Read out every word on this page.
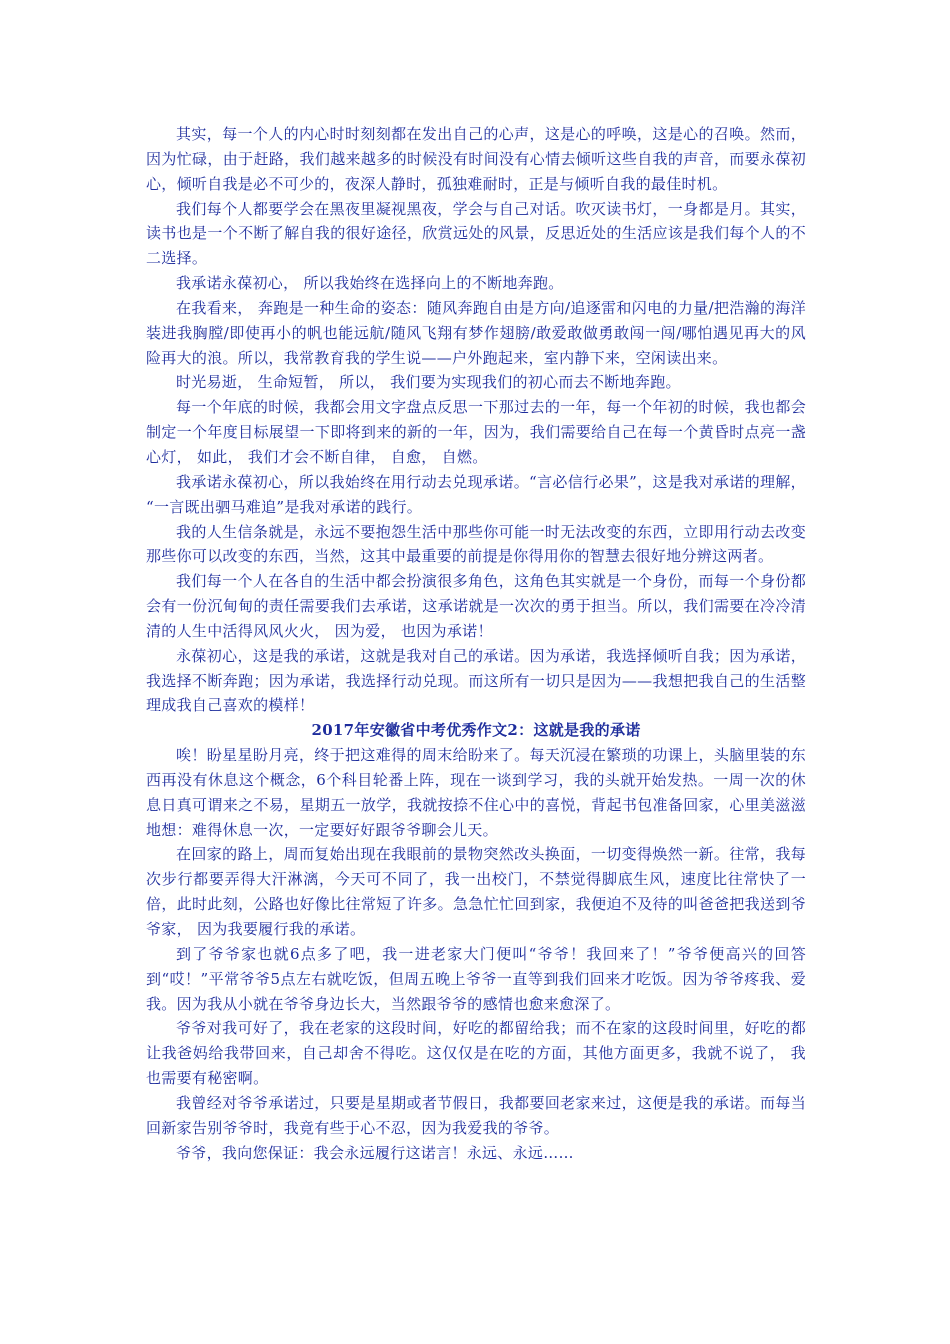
其实，每一个人的内心时时刻刻都在发出自己的心声，这是心的呼唤，这是心的召唤。然而，因为忙碌，由于赶路，我们越来越多的时候没有时间没有心情去倾听这些自我的声音，而要永葆初心，倾听自我是必不可少的，夜深人静时，孤独难耐时，正是与倾听自我的最佳时机。

我们每个人都要学会在黑夜里凝视黑夜，学会与自己对话。吹灭读书灯，一身都是月。其实，读书也是一个不断了解自我的很好途径，欣赏远处的风景，反思近处的生活应该是我们每个人的不二选择。

我承诺永葆初心， 所以我始终在选择向上的不断地奔跑。

在我看来， 奔跑是一种生命的姿态：随风奔跑自由是方向/追逐雷和闪电的力量/把浩瀚的海洋装进我胸膛/即使再小的帆也能远航/随风飞翔有梦作翅膀/敢爱敢做勇敢闯一闯/哪怕遇见再大的风险再大的浪。所以，我常教育我的学生说——户外跑起来，室内静下来，空闲读出来。

时光易逝， 生命短暂， 所以， 我们要为实现我们的初心而去不断地奔跑。

每一个年底的时候，我都会用文字盘点反思一下那过去的一年，每一个年初的时候，我也都会制定一个年度目标展望一下即将到来的新的一年，因为，我们需要给自己在每一个黄昏时点亮一盏心灯， 如此， 我们才会不断自律， 自愈， 自燃。

我承诺永葆初心，所以我始终在用行动去兑现承诺。“言必信行必果”，这是我对承诺的理解， “一言既出驷马难追”是我对承诺的践行。

我的人生信条就是，永远不要抱怨生活中那些你可能一时无法改变的东西，立即用行动去改变那些你可以改变的东西，当然，这其中最重要的前提是你得用你的智慧去很好地分辨这两者。

我们每一个人在各自的生活中都会扮演很多角色，这角色其实就是一个身份，而每一个身份都会有一份沉甸甸的责任需要我们去承诺，这承诺就是一次次的勇于担当。所以，我们需要在冷冷清清的人生中活得风风火火， 因为爱， 也因为承诺！

永葆初心，这是我的承诺，这就是我对自己的承诺。因为承诺，我选择倾听自我；因为承诺，我选择不断奔跑；因为承诺，我选择行动兑现。而这所有一切只是因为——我想把我自己的生活整理成我自己喜欢的模样！

2017年安徽省中考优秀作文2：这就是我的承诺

唉！盼星星盼月亮，终于把这难得的周末给盼来了。每天沉浸在繁琐的功课上，头脑里装的东西再没有休息这个概念，6个科目轮番上阵，现在一谈到学习，我的头就开始发热。一周一次的休息日真可谓来之不易，星期五一放学，我就按捺不住心中的喜悦，背起书包准备回家，心里美滋滋地想：难得休息一次，一定要好好跟爷爷聊会儿天。

在回家的路上，周而复始出现在我眼前的景物突然改头换面，一切变得焕然一新。往常，我每次步行都要弄得大汗淋漓，今天可不同了，我一出校门，不禁觉得脚底生风，速度比往常快了一倍，此时此刻，公路也好像比往常短了许多。急急忙忙回到家，我便迫不及待的叫爸爸把我送到爷爷家， 因为我要履行我的承诺。

到了爷爷家也就6点多了吧，我一进老家大门便叫“爷爷！我回来了！”爷爷便高兴的回答到“哎！”平常爷爷5点左右就吃饭，但周五晚上爷爷一直等到我们回来才吃饭。因为爷爷疼我、爱我。因为我从小就在爷爷身边长大，当然跟爷爷的感情也愈来愈深了。

爷爷对我可好了，我在老家的这段时间，好吃的都留给我；而不在家的这段时间里，好吃的都让我爸妈给我带回来，自己却舍不得吃。这仅仅是在吃的方面，其他方面更多，我就不说了， 我也需要有秘密啊。

我曾经对爷爷承诺过，只要是星期或者节假日，我都要回老家来过，这便是我的承诺。而每当回新家告别爷爷时，我竟有些于心不忍，因为我爱我的爷爷。

爷爷，我向您保证：我会永远履行这诺言！永远、永远……
